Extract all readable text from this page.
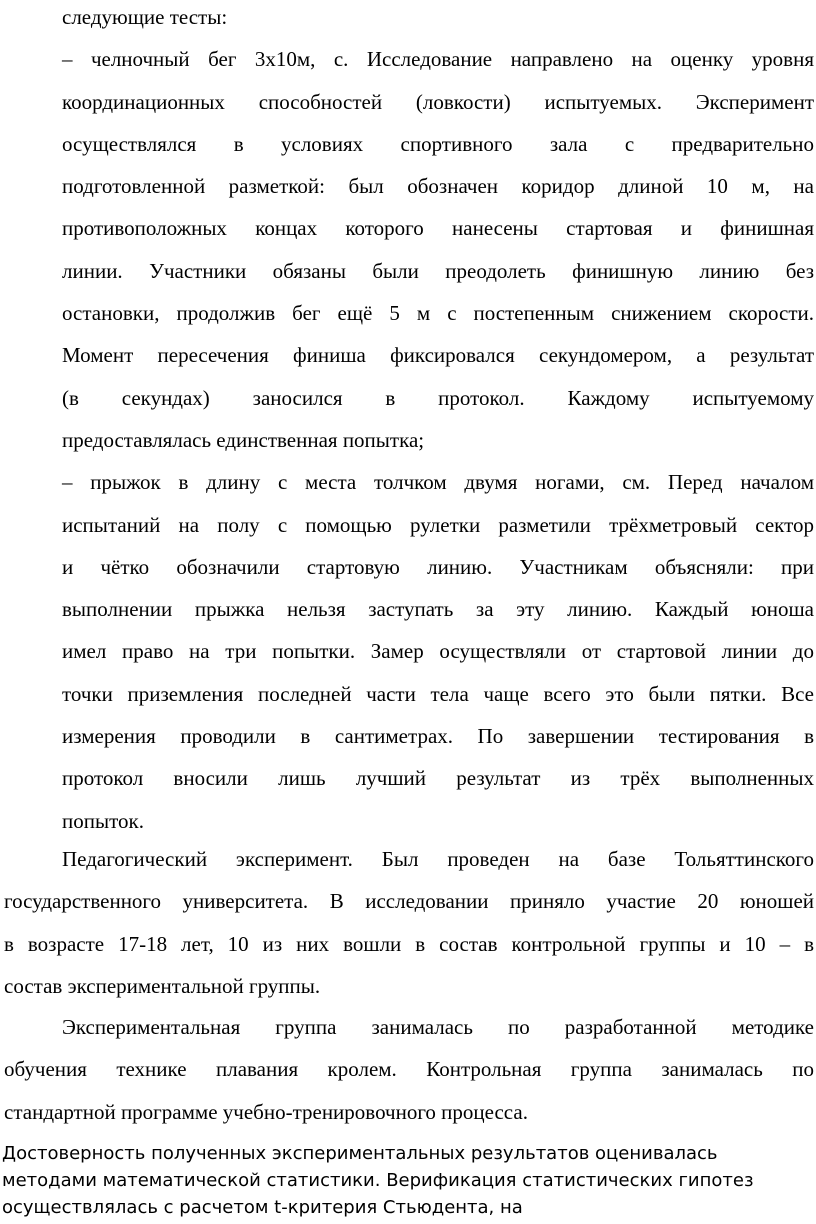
следующие тесты:
– челночный бег 3х10м, с. Исследование направлено на оценку уровня
координационных способностей (ловкости) испытуемых. Эксперимент
осуществлялся в условиях спортивного зала с предварительно
подготовленной разметкой: был обозначен коридор длиной 10 м, на
противоположных концах которого нанесены стартовая и финишная
линии. Участники обязаны были преодолеть финишную линию без
остановки, продолжив бег ещё 5 м с постепенным снижением скорости.
Момент пересечения финиша фиксировался секундомером, а результат
(в секундах) заносился в протокол. Каждому испытуемому
предоставлялась единственная попытка;
– прыжок в длину с места толчком двумя ногами, см. Перед началом
испытаний на полу с помощью рулетки разметили трёхметровый сектор
и чётко обозначили стартовую линию. Участникам объясняли: при
выполнении прыжка нельзя заступать за эту линию. Каждый юноша
имел право на три попытки. Замер осуществляли от стартовой линии до
точки приземления последней части тела чаще всего это были пятки. Все
измерения проводили в сантиметрах. По завершении тестирования в
протокол вносили лишь лучший результат из трёх выполненных
попыток.
Педагогический эксперимент. Был проведен на базе Тольяттинского
государственного университета. В исследовании приняло участие 20 юношей
в возрасте 17-18 лет, 10 из них вошли в состав контрольной группы и 10 – в
состав экспериментальной группы.
Экспериментальная группа занималась по разработанной методике
обучения технике плавания кролем. Контрольная группа занималась по
стандартной программе учебно-тренировочного процесса.
Достоверность полученных экспериментальных результатов оценивалась
методами математической статистики. Верификация статистических гипотез
осуществлялась с расчетом t-критерия Стьюдента, на
